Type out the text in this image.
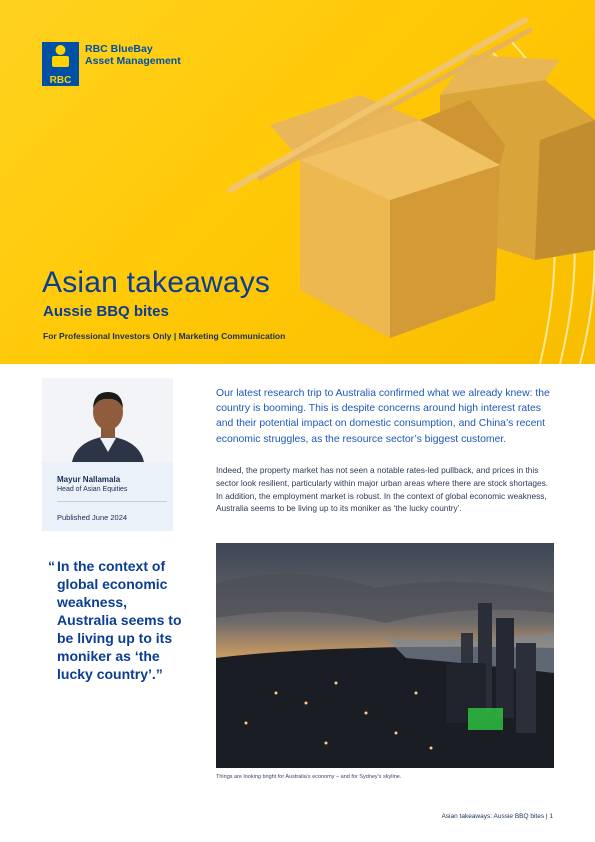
RBC
RBC BlueBay
Asset Management
Asian takeaways
Aussie BBQ bites
For Professional Investors Only | Marketing Communication
Mayur Nallamala
Head of Asian Equities
Published June 2024
“ In the context of global economic weakness, Australia seems to be living up to its moniker as ‘the lucky country’.”

Our latest research trip to Australia confirmed what we already knew: the country is booming. This is despite concerns around high interest rates and their potential impact on domestic consumption, and China’s recent economic struggles, as the resource sector’s biggest customer.

Indeed, the property market has not seen a notable rates-led pullback, and prices in this sector look resilient, particularly within major urban areas where there are stock shortages. In addition, the employment market is robust. In the context of global economic weakness, Australia seems to be living up to its moniker as ‘the lucky country’.

Things are looking bright for Australia’s economy – and for Sydney’s skyline.
Asian takeaways: Aussie BBQ bites | 1
